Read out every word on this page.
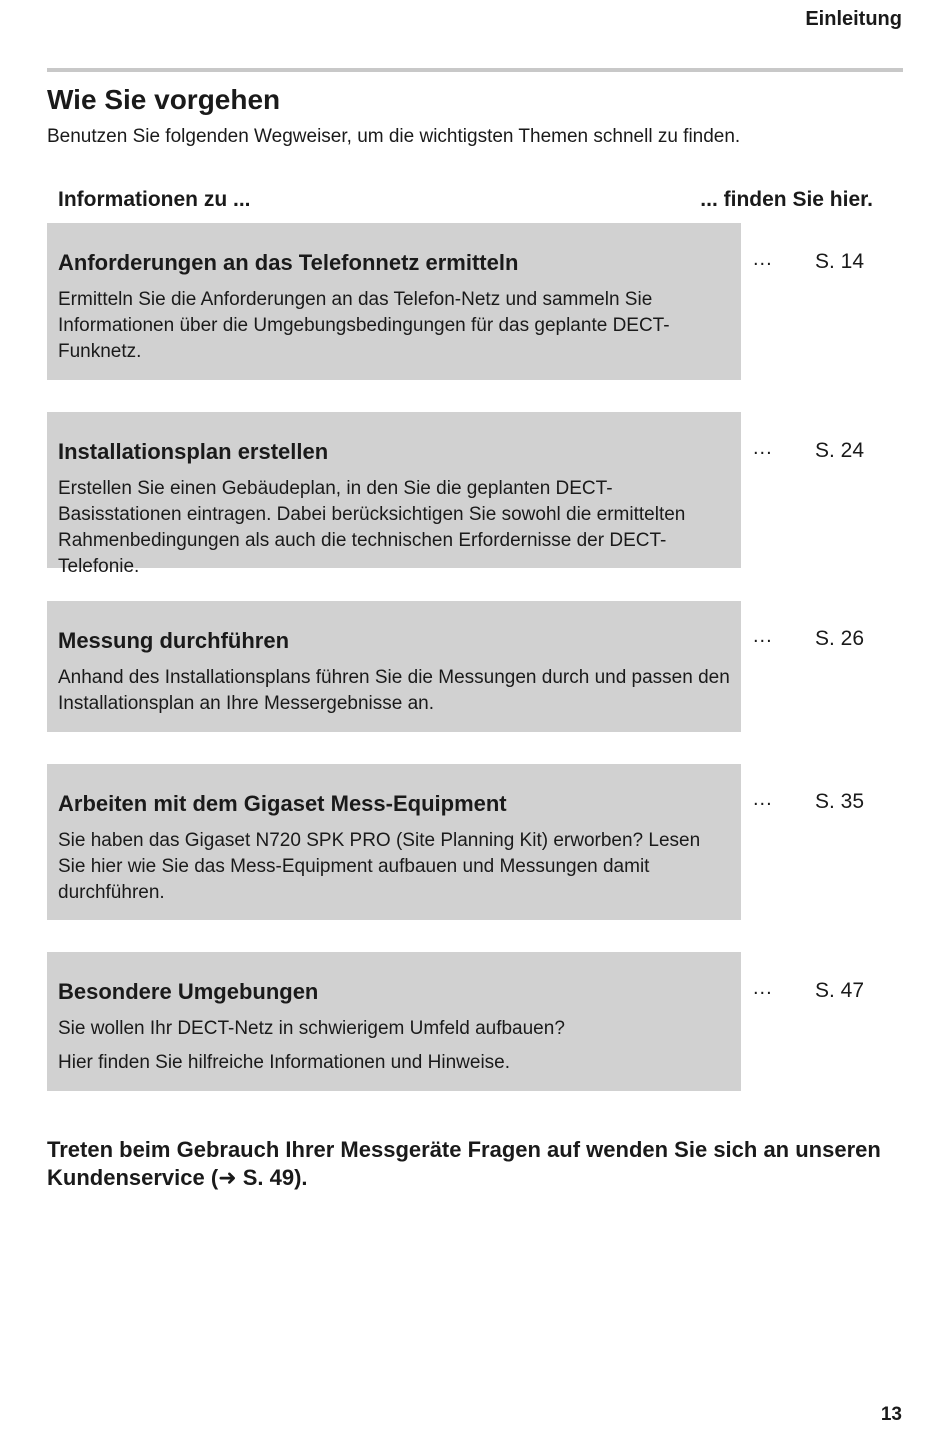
Einleitung
Wie Sie vorgehen

Benutzen Sie folgenden Wegweiser, um die wichtigsten Themen schnell zu finden.

Informationen zu ...	... finden Sie hier.
Anforderungen an das Telefonnetz ermitteln

Ermitteln Sie die Anforderungen an das Telefon-Netz und sammeln Sie Informationen über die Umgebungsbedingungen für das geplante DECT-Funknetz.

... S. 14
Installationsplan erstellen

Erstellen Sie einen Gebäudeplan, in den Sie die geplanten DECT-Basisstationen eintragen. Dabei berücksichtigen Sie sowohl die ermittelten Rahmenbedingungen als auch die technischen Erfordernisse der DECT-Telefonie.

... S. 24
Messung durchführen

Anhand des Installationsplans führen Sie die Messungen durch und passen den Installationsplan an Ihre Messergebnisse an.

... S. 26
Arbeiten mit dem Gigaset Mess-Equipment

Sie haben das Gigaset N720 SPK PRO (Site Planning Kit) erworben? Lesen Sie hier wie Sie das Mess-Equipment aufbauen und Messungen damit durchführen.

... S. 35
Besondere Umgebungen

Sie wollen Ihr DECT-Netz in schwierigem Umfeld aufbauen?

Hier finden Sie hilfreiche Informationen und Hinweise.

... S. 47

Treten beim Gebrauch Ihrer Messgeräte Fragen auf wenden Sie sich an unseren Kundenservice (➜ S. 49).

13
